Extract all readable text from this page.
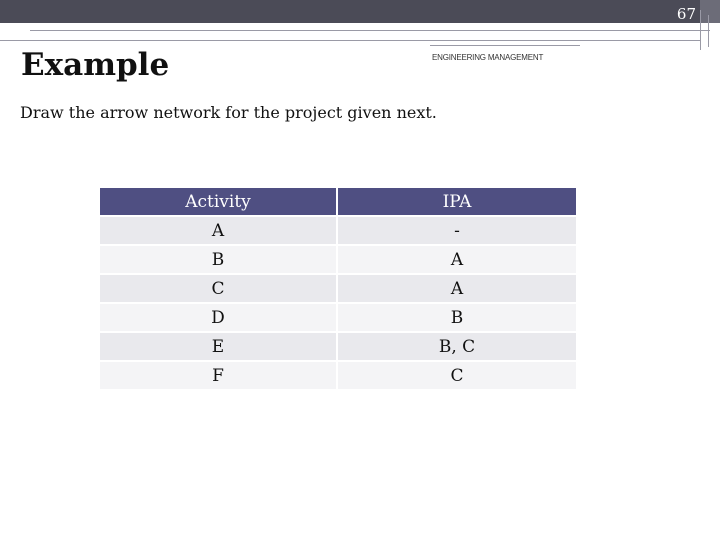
67
Example	ENGINEERING MANAGEMENT
Draw the arrow network for the project given next.
Activity	IPA
A	-
B	A
C	A
D	B
E	B, C
F	C
